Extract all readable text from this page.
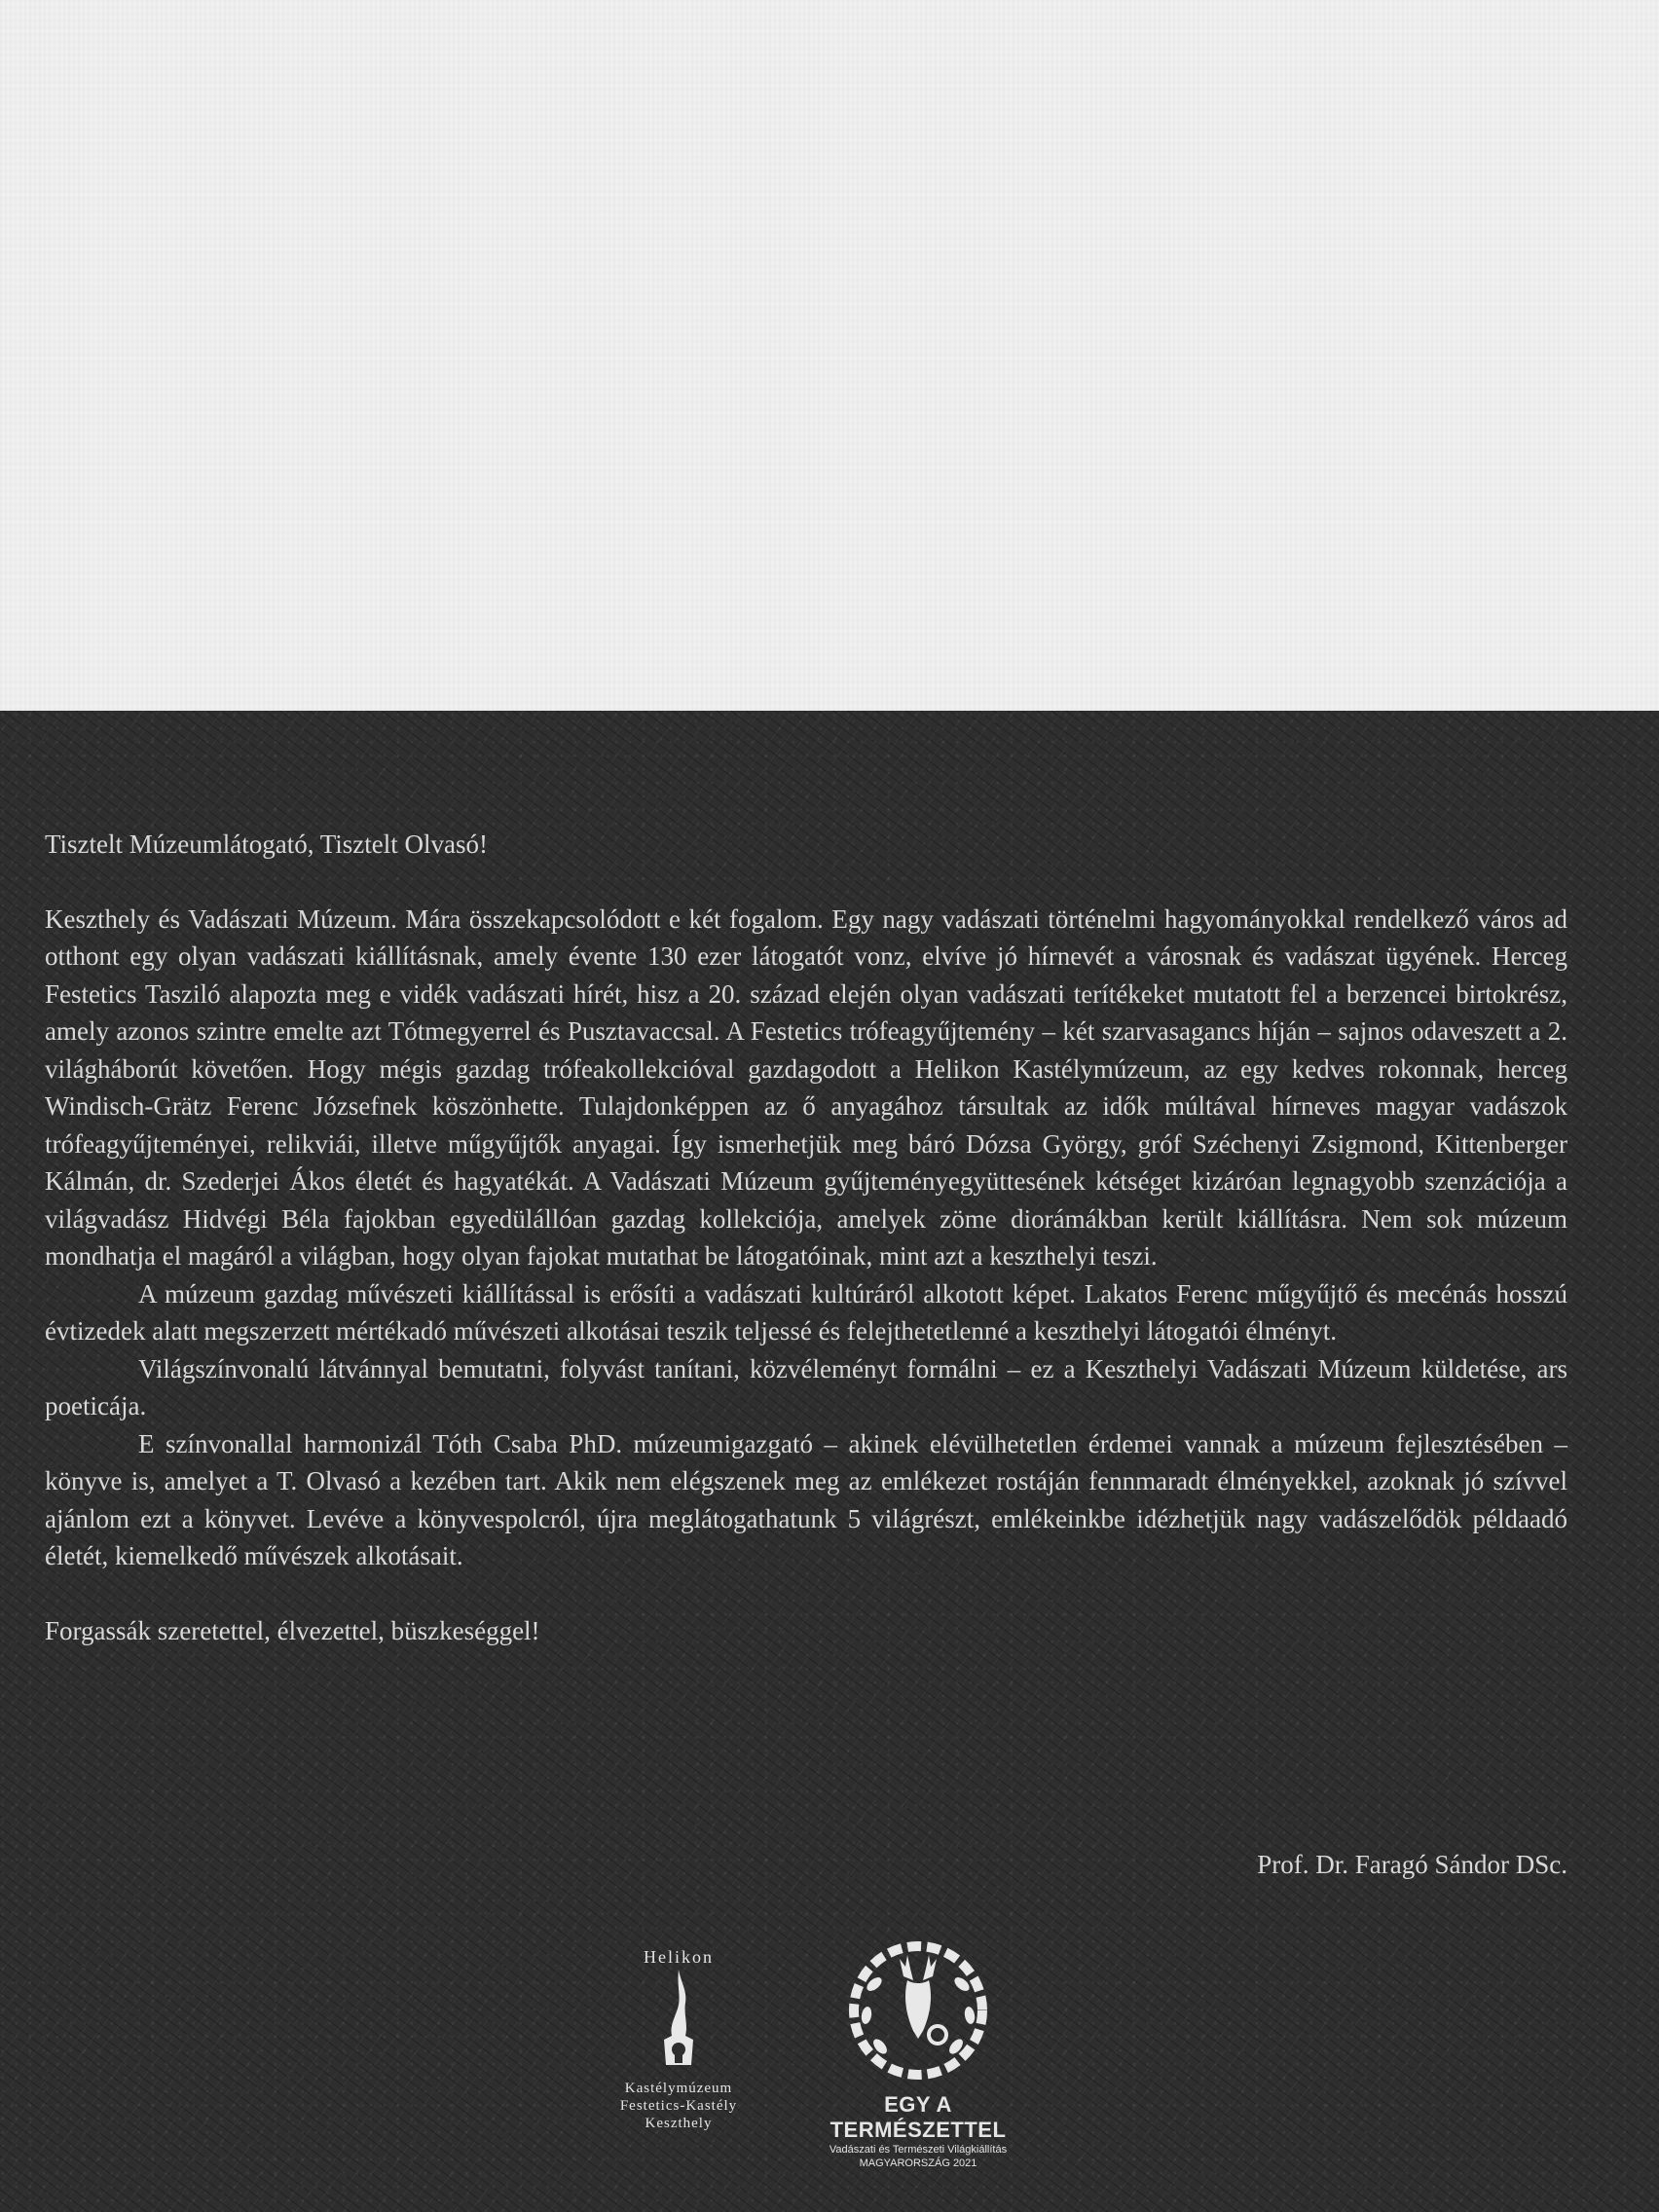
Tisztelt Múzeumlátogató, Tisztelt Olvasó!

Keszthely és Vadászati Múzeum. Mára összekapcsolódott e két fogalom. Egy nagy vadászati történelmi hagyományokkal rendelkező város ad otthont egy olyan vadászati kiállításnak, amely évente 130 ezer látogatót vonz, elvíve jó hírnevét a városnak és vadászat ügyének. Herceg Festetics Tasziló alapozta meg e vidék vadászati hírét, hisz a 20. század elején olyan vadászati terítékeket mutatott fel a berzencei birtokrész, amely azonos szintre emelte azt Tótmegyerrel és Pusztavaccsal. A Festetics trófeagyűjtemény – két szarvasagancs híján – sajnos odaveszett a 2. világháborút követően. Hogy mégis gazdag trófeakollekcióval gazdagodott a Helikon Kastélymúzeum, az egy kedves rokonnak, herceg Windisch-Grätz Ferenc Józsefnek köszönhette. Tulajdonképpen az ő anyagához társultak az idők múltával hírneves magyar vadászok trófeagyűjteményei, relikviái, illetve műgyűjtők anyagai. Így ismerhetjük meg báró Dózsa György, gróf Széchenyi Zsigmond, Kittenberger Kálmán, dr. Szederjei Ákos életét és hagyatékát. A Vadászati Múzeum gyűjteményegyüttesének kétséget kizáróan legnagyobb szenzációja a világvadász Hidvégi Béla fajokban egyedülállóan gazdag kollekciója, amelyek zöme diorámákban került kiállításra. Nem sok múzeum mondhatja el magáról a világban, hogy olyan fajokat mutathat be látogatóinak, mint azt a keszthelyi teszi.

A múzeum gazdag művészeti kiállítással is erősíti a vadászati kultúráról alkotott képet. Lakatos Ferenc műgyűjtő és mecénás hosszú évtizedek alatt megszerzett mértékadó művészeti alkotásai teszik teljessé és felejthetetlenné a keszthelyi látogatói élményt.

Világszínvonalú látvánnyal bemutatni, folyvást tanítani, közvéleményt formálni – ez a Keszthelyi Vadászati Múzeum küldetése, ars poeticája.

E színvonallal harmonizál Tóth Csaba PhD. múzeumigazgató – akinek elévülhetetlen érdemei vannak a múzeum fejlesztésében – könyve is, amelyet a T. Olvasó a kezében tart. Akik nem elégszenek meg az emlékezet rostáján fennmaradt élményekkel, azoknak jó szívvel ajánlom ezt a könyvet. Levéve a könyvespolcról, újra meglátogathatunk 5 világrészt, emlékeinkbe idézhetjük nagy vadászelődök példaadó életét, kiemelkedő művészek alkotásait.

Forgassák szeretettel, élvezettel, büszkeséggel!

Prof. Dr. Faragó Sándor DSc.
Helikon
Kastélymúzeum
Festetics-Kastély
Keszthely
EGY A TERMÉSZETTEL
Vadászati és Természeti Világkiállítás
MAGYARORSZÁG 2021
